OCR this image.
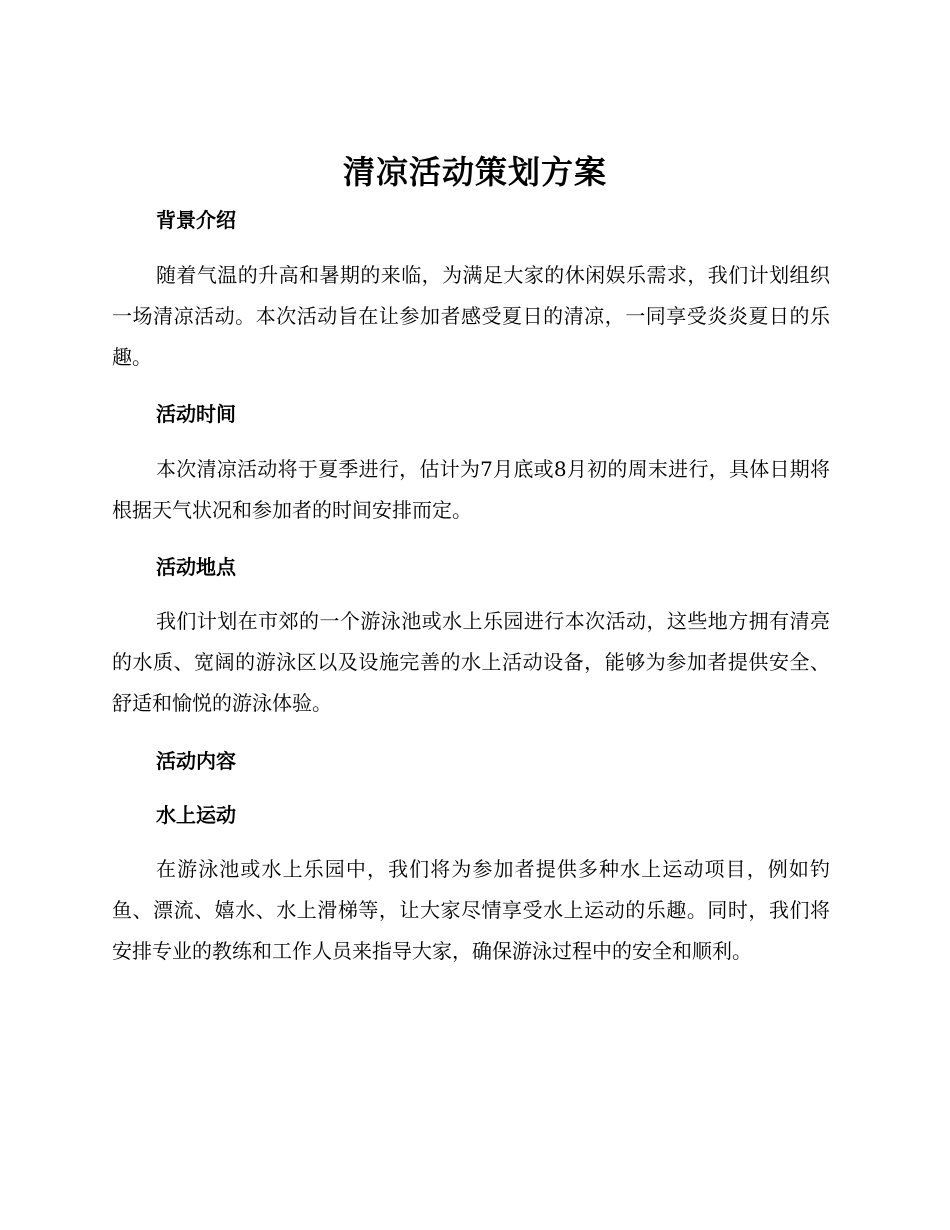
清凉活动策划方案
背景介绍
随着气温的升高和暑期的来临，为满足大家的休闲娱乐需求，我们计划组织一场清凉活动。本次活动旨在让参加者感受夏日的清凉，一同享受炎炎夏日的乐趣。
活动时间
本次清凉活动将于夏季进行，估计为7月底或8月初的周末进行，具体日期将根据天气状况和参加者的时间安排而定。
活动地点
我们计划在市郊的一个游泳池或水上乐园进行本次活动，这些地方拥有清亮的水质、宽阔的游泳区以及设施完善的水上活动设备，能够为参加者提供安全、舒适和愉悦的游泳体验。
活动内容
水上运动
在游泳池或水上乐园中，我们将为参加者提供多种水上运动项目，例如钓鱼、漂流、嬉水、水上滑梯等，让大家尽情享受水上运动的乐趣。同时，我们将安排专业的教练和工作人员来指导大家，确保游泳过程中的安全和顺利。
